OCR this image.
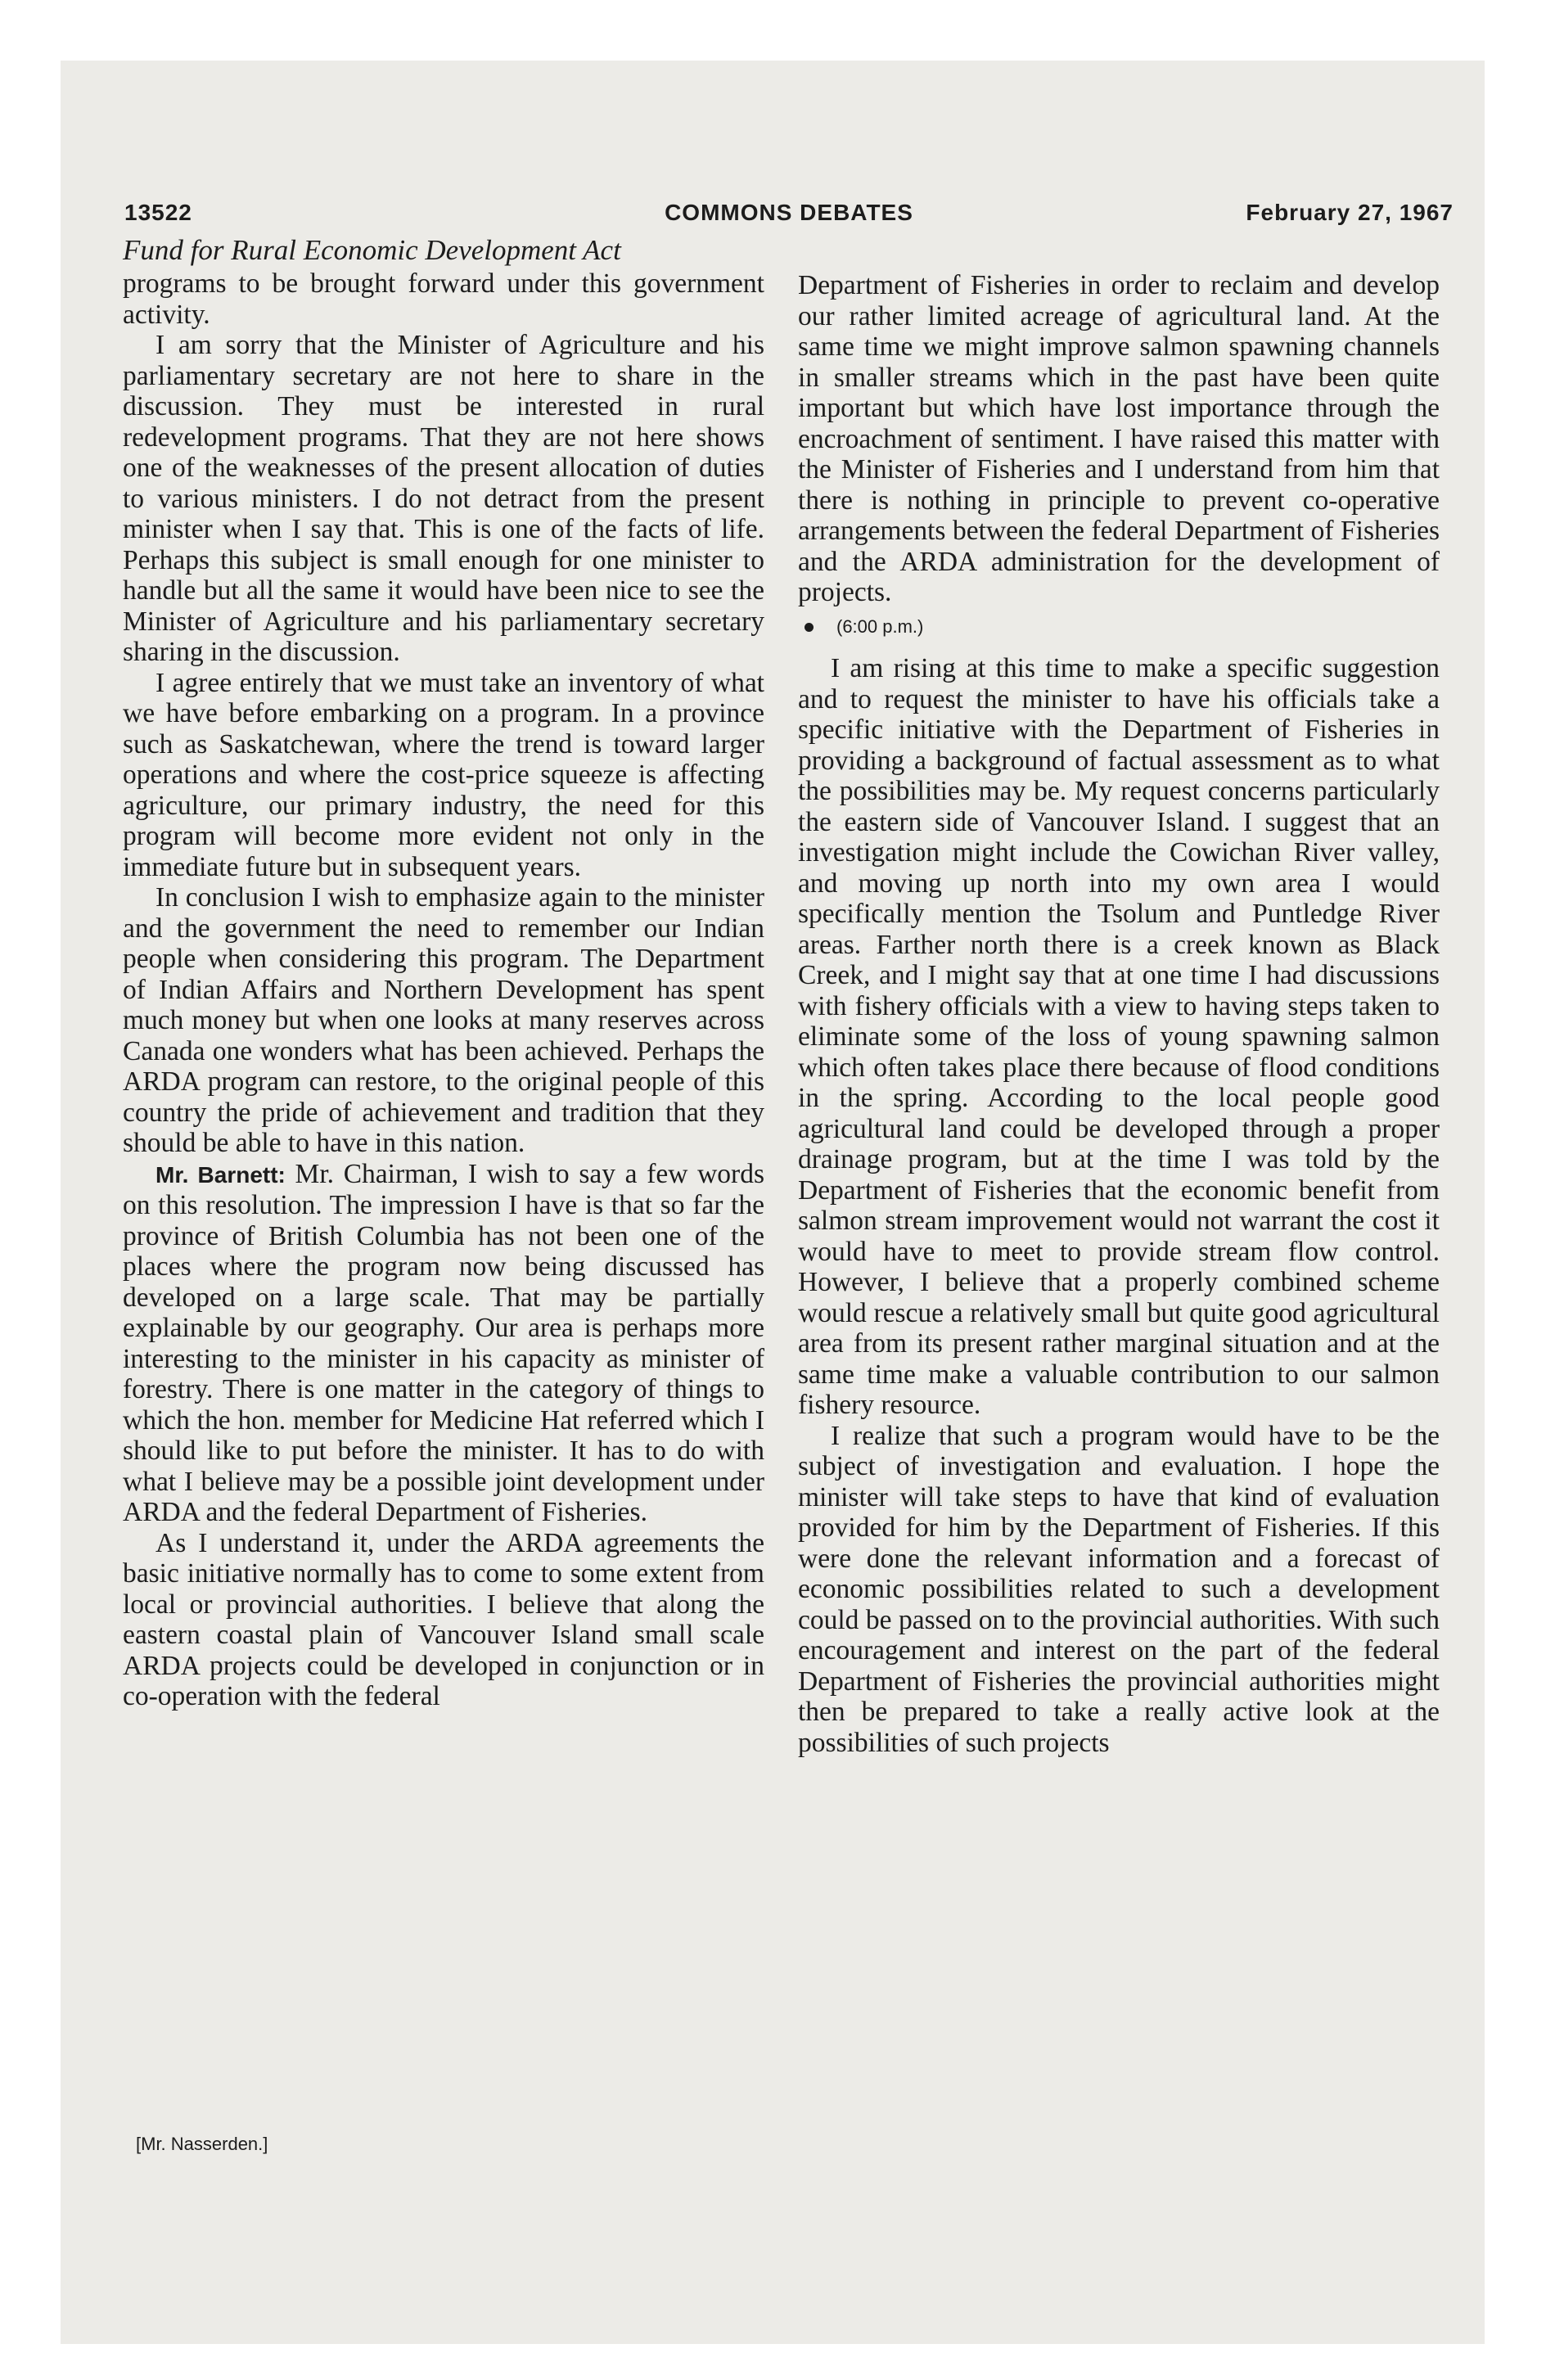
13522	COMMONS DEBATES	February 27, 1967

Fund for Rural Economic Development Act

programs to be brought forward under this government activity.

I am sorry that the Minister of Agriculture and his parliamentary secretary are not here to share in the discussion. They must be interested in rural redevelopment programs. That they are not here shows one of the weaknesses of the present allocation of duties to various ministers. I do not detract from the present minister when I say that. This is one of the facts of life. Perhaps this subject is small enough for one minister to handle but all the same it would have been nice to see the Minister of Agriculture and his parliamentary secretary sharing in the discussion.

I agree entirely that we must take an inventory of what we have before embarking on a program. In a province such as Saskatchewan, where the trend is toward larger operations and where the cost-price squeeze is affecting agriculture, our primary industry, the need for this program will become more evident not only in the immediate future but in subsequent years.

In conclusion I wish to emphasize again to the minister and the government the need to remember our Indian people when considering this program. The Department of Indian Affairs and Northern Development has spent much money but when one looks at many reserves across Canada one wonders what has been achieved. Perhaps the ARDA program can restore, to the original people of this country the pride of achievement and tradition that they should be able to have in this nation.

Mr. Barnett: Mr. Chairman, I wish to say a few words on this resolution. The impression I have is that so far the province of British Columbia has not been one of the places where the program now being discussed has developed on a large scale. That may be partially explainable by our geography. Our area is perhaps more interesting to the minister in his capacity as minister of forestry. There is one matter in the category of things to which the hon. member for Medicine Hat referred which I should like to put before the minister. It has to do with what I believe may be a possible joint development under ARDA and the federal Department of Fisheries.

As I understand it, under the ARDA agreements the basic initiative normally has to come to some extent from local or provincial authorities. I believe that along the eastern coastal plain of Vancouver Island small scale ARDA projects could be developed in conjunction or in co-operation with the federal

[Mr. Nasserden.]

Department of Fisheries in order to reclaim and develop our rather limited acreage of agricultural land. At the same time we might improve salmon spawning channels in smaller streams which in the past have been quite important but which have lost importance through the encroachment of sentiment. I have raised this matter with the Minister of Fisheries and I understand from him that there is nothing in principle to prevent co-operative arrangements between the federal Department of Fisheries and the ARDA administration for the development of projects.

(6:00 p.m.)

I am rising at this time to make a specific suggestion and to request the minister to have his officials take a specific initiative with the Department of Fisheries in providing a background of factual assessment as to what the possibilities may be. My request concerns particularly the eastern side of Vancouver Island. I suggest that an investigation might include the Cowichan River valley, and moving up north into my own area I would specifically mention the Tsolum and Puntledge River areas. Farther north there is a creek known as Black Creek, and I might say that at one time I had discussions with fishery officials with a view to having steps taken to eliminate some of the loss of young spawning salmon which often takes place there because of flood conditions in the spring. According to the local people good agricultural land could be developed through a proper drainage program, but at the time I was told by the Department of Fisheries that the economic benefit from salmon stream improvement would not warrant the cost it would have to meet to provide stream flow control. However, I believe that a properly combined scheme would rescue a relatively small but quite good agricultural area from its present rather marginal situation and at the same time make a valuable contribution to our salmon fishery resource.

I realize that such a program would have to be the subject of investigation and evaluation. I hope the minister will take steps to have that kind of evaluation provided for him by the Department of Fisheries. If this were done the relevant information and a forecast of economic possibilities related to such a development could be passed on to the provincial authorities. With such encouragement and interest on the part of the federal Department of Fisheries the provincial authorities might then be prepared to take a really active look at the possibilities of such projects
